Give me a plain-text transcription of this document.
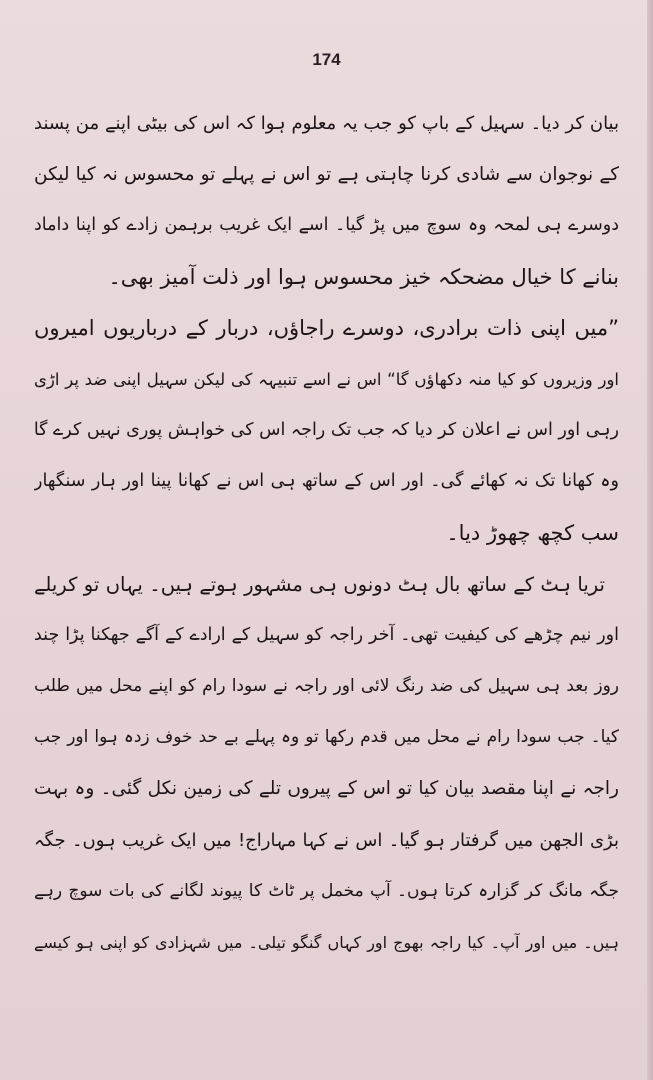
174
بیان کر دیا۔ سہیل کے باپ کو جب یہ معلوم ہوا کہ اس کی بیٹی اپنے من پسند
کے نوجوان سے شادی کرنا چاہتی ہے تو اس نے پہلے تو محسوس نہ کیا لیکن
دوسرے ہی لمحہ وہ سوچ میں پڑ گیا۔ اسے ایک غریب برہمن زادے کو اپنا داماد
بنانے کا خیال مضحکہ خیز محسوس ہوا اور ذلت آمیز بھی۔
”میں اپنی ذات برادری، دوسرے راجاؤں، دربار کے درباریوں امیروں
اور وزیروں کو کیا منہ دکھاؤں گا“ اس نے اسے تنبیہہ کی لیکن سہیل اپنی ضد پر اڑی
رہی اور اس نے اعلان کر دیا کہ جب تک راجہ اس کی خواہش پوری نہیں کرے گا
وہ کھانا تک نہ کھائے گی۔ اور اس کے ساتھ ہی اس نے کھانا پینا اور ہار سنگھار
سب کچھ چھوڑ دیا۔
تریا ہٹ کے ساتھ بال ہٹ دونوں ہی مشہور ہوتے ہیں۔ یہاں تو کریلے
اور نیم چڑھے کی کیفیت تھی۔ آخر راجہ کو سہیل کے ارادے کے آگے جھکنا پڑا چند
روز بعد ہی سہیل کی ضد رنگ لائی اور راجہ نے سودا رام کو اپنے محل میں طلب
کیا۔ جب سودا رام نے محل میں قدم رکھا تو وہ پہلے بے حد خوف زدہ ہوا اور جب
راجہ نے اپنا مقصد بیان کیا تو اس کے پیروں تلے کی زمین نکل گئی۔ وہ بہت
بڑی الجھن میں گرفتار ہو گیا۔ اس نے کہا مہاراج! میں ایک غریب ہوں۔ جگہ
جگہ مانگ کر گزارہ کرتا ہوں۔ آپ مخمل پر ٹاٹ کا پیوند لگانے کی بات سوچ رہے
ہیں۔ میں اور آپ۔ کیا راجہ بھوج اور کہاں گنگو تیلی۔ میں شہزادی کو اپنی ہو کیسے
